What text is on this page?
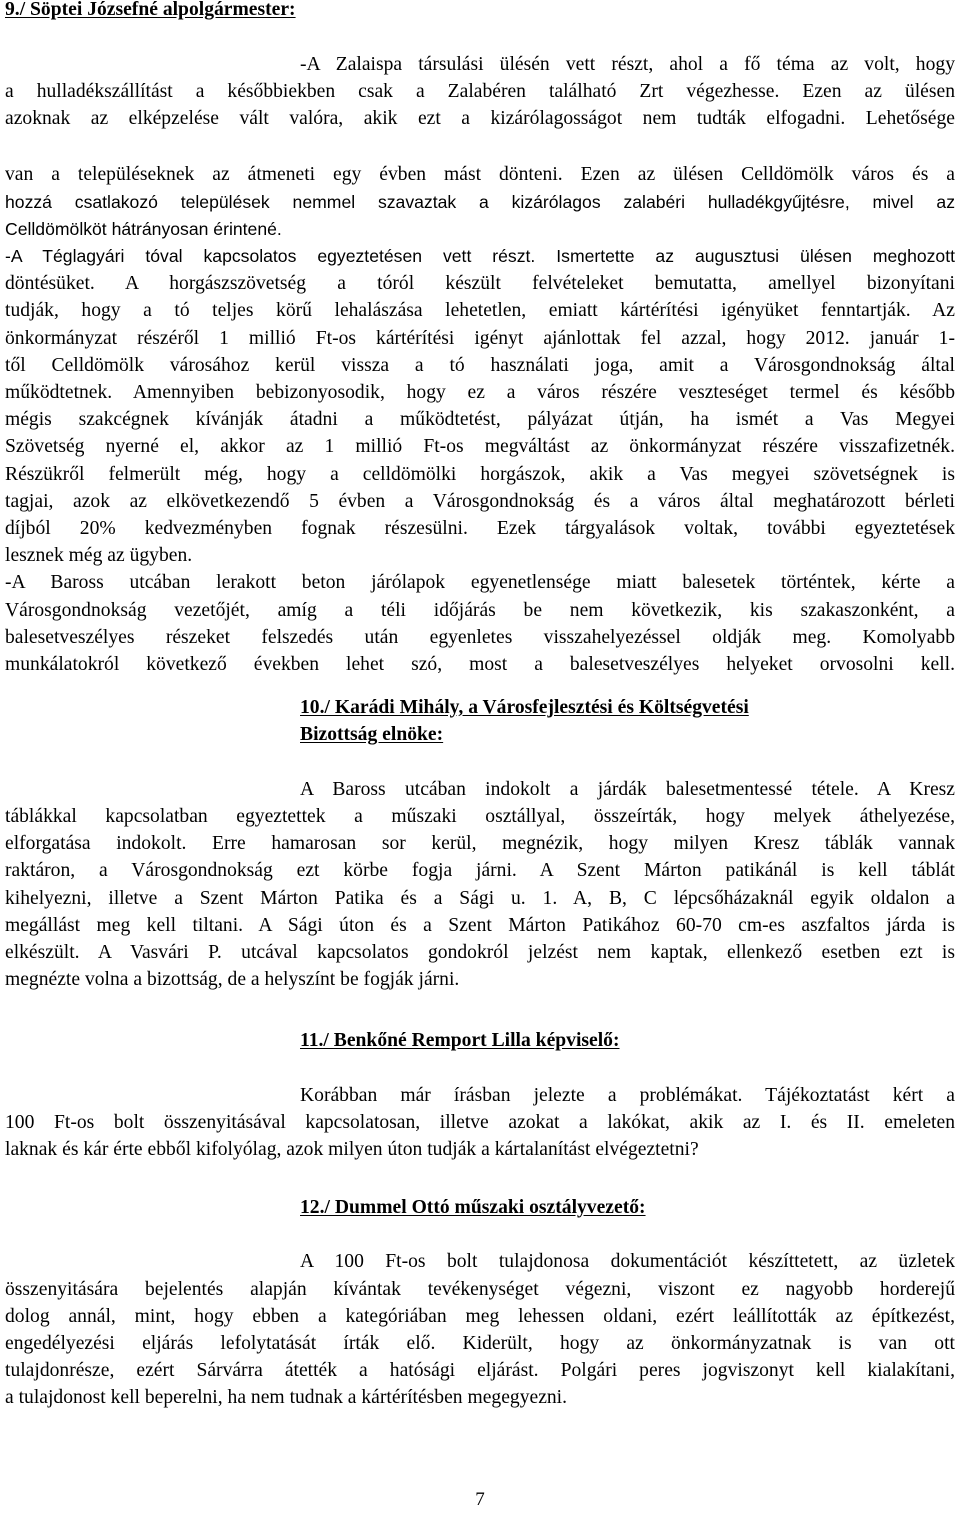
9./ Söptei Józsefné alpolgármester:
-A Zalaispa társulási ülésén vett részt, ahol a fő téma az volt, hogy
a hulladékszállítást a későbbiekben csak a Zalabéren található Zrt végezhesse. Ezen az ülésen
azoknak az elképzelése vált valóra, akik ezt a kizárólagosságot nem tudták elfogadni. Lehetősége
van a településeknek az átmeneti egy évben mást dönteni. Ezen az ülésen Celldömölk város és a
hozzá csatlakozó települések nemmel szavaztak a kizárólagos zalabéri hulladékgyűjtésre, mivel az
Celldömölköt hátrányosan érintené.
-A Téglagyári tóval kapcsolatos egyeztetésen vett részt. Ismertette az augusztusi ülésen meghozott
döntésüket. A horgászszövetség a tóról készült felvételeket bemutatta, amellyel bizonyítani
tudják, hogy a tó teljes körű lehalászása lehetetlen, emiatt kártérítési igényüket fenntartják. Az
önkormányzat részéről 1 millió Ft-os kártérítési igényt ajánlottak fel azzal, hogy 2012. január 1-
től Celldömölk városához kerül vissza a tó használati joga, amit a Városgondnokság által
működtetnek. Amennyiben bebizonyosodik, hogy ez a város részére veszteséget termel és később
mégis szakcégnek kívánják átadni a működtetést, pályázat útján, ha ismét a Vas Megyei
Szövetség nyerné el, akkor az 1 millió Ft-os megváltást az önkormányzat részére visszafizetnék.
Részükről felmerült még, hogy a celldömölki horgászok, akik a Vas megyei szövetségnek is
tagjai, azok az elkövetkezendő 5 évben a Városgondnokság és a város által meghatározott bérleti
díjból 20% kedvezményben fognak részesülni. Ezek tárgyalások voltak, további egyeztetések
lesznek még az ügyben.
-A Baross utcában lerakott beton járólapok egyenetlensége miatt balesetek történtek, kérte a
Városgondnokság vezetőjét, amíg a téli időjárás be nem következik, kis szakaszonként, a
balesetveszélyes részeket felszedés után egyenletes visszahelyezéssel oldják meg. Komolyabb
munkálatokról következő években lehet szó, most a balesetveszélyes helyeket orvosolni kell.
10./ Karádi Mihály, a Városfejlesztési és Költségvetési
Bizottság elnöke:
A Baross utcában indokolt a járdák balesetmentessé tétele. A Kresz
táblákkal kapcsolatban egyeztettek a műszaki osztállyal, összeírták, hogy melyek áthelyezése,
elforgatása indokolt. Erre hamarosan sor kerül, megnézik, hogy milyen Kresz táblák vannak
raktáron, a Városgondnokság ezt körbe fogja járni. A Szent Márton patikánál is kell táblát
kihelyezni, illetve a Szent Márton Patika és a Sági u. 1. A, B, C lépcsőházaknál egyik oldalon a
megállást meg kell tiltani. A Sági úton és a Szent Márton Patikához 60-70 cm-es aszfaltos járda is
elkészült. A Vasvári P. utcával kapcsolatos gondokról jelzést nem kaptak, ellenkező esetben ezt is
megnézte volna a bizottság, de a helyszínt be fogják járni.
11./ Benkőné Remport Lilla képviselő:
Korábban már írásban jelezte a problémákat. Tájékoztatást kért a
100 Ft-os bolt összenyitásával kapcsolatosan, illetve azokat a lakókat, akik az I. és II. emeleten
laknak és kár érte ebből kifolyólag, azok milyen úton tudják a kártalanítást elvégeztetni?
12./ Dummel Ottó műszaki osztályvezető:
A 100 Ft-os bolt tulajdonosa dokumentációt készíttetett, az üzletek
összenyitására bejelentés alapján kívántak tevékenységet végezni, viszont ez nagyobb horderejű
dolog annál, mint, hogy ebben a kategóriában meg lehessen oldani, ezért leállították az építkezést,
engedélyezési eljárás lefolytatását írták elő. Kiderült, hogy az önkormányzatnak is van ott
tulajdonrésze, ezért Sárvárra átették a hatósági eljárást. Polgári peres jogviszonyt kell kialakítani,
a tulajdonost kell beperelni, ha nem tudnak a kártérítésben megegyezni.
7
